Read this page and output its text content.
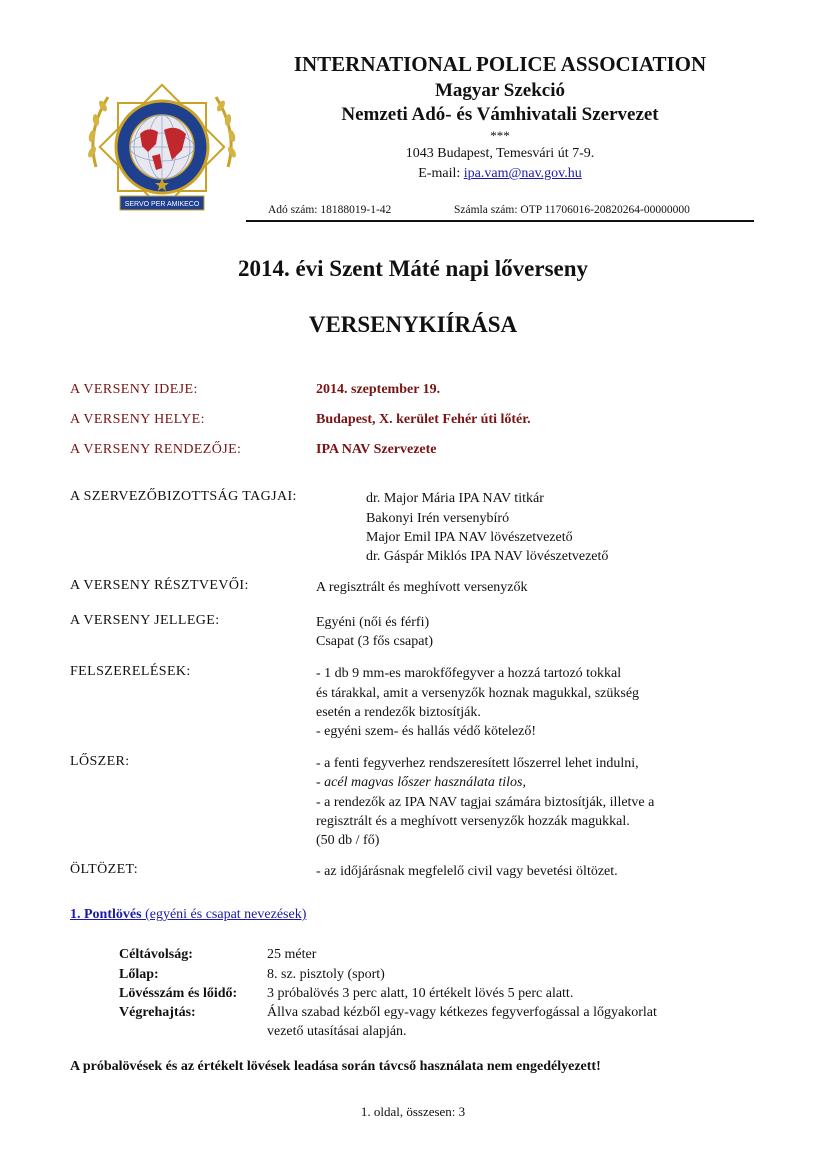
SERVO PER AMIKECO
INTERNATIONAL POLICE ASSOCIATION
Magyar Szekció
Nemzeti Adó- és Vámhivatali Szervezet
***
1043 Budapest, Temesvári út 7-9.
E-mail: ipa.vam@nav.gov.hu
Adó szám: 18188019-1-42	Számla szám: OTP 11706016-20820264-00000000
2014. évi Szent Máté napi lőverseny
VERSENYKIÍRÁSA
A VERSENY IDEJE:	2014. szeptember 19.
A VERSENY HELYE:	Budapest, X. kerület Fehér úti lőtér.
A VERSENY RENDEZŐJE:	IPA NAV Szervezete
A SZERVEZŐBIZOTTSÁG TAGJAI:	dr. Major Mária IPA NAV titkár
Bakonyi Irén versenybíró
Major Emil IPA NAV lövészetvezető
dr. Gáspár Miklós IPA NAV lövészetvezető
A VERSENY RÉSZTVEVŐI:	A regisztrált és meghívott versenyzők
A VERSENY JELLEGE:	Egyéni (női és férfi)
Csapat (3 fős csapat)
FELSZERELÉSEK:	- 1 db 9 mm-es marokfőfegyver a hozzá tartozó tokkal
és tárakkal, amit a versenyzők hoznak magukkal, szükség
esetén a rendezők biztosítják.
- egyéni szem- és hallás védő kötelező!
LŐSZER:	- a fenti fegyverhez rendszeresített lőszerrel lehet indulni,
- acél magvas lőszer használata tilos,
- a rendezők az IPA NAV tagjai számára biztosítják, illetve a
regisztrált és a meghívott versenyzők hozzák magukkal.
(50 db / fő)
ÖLTÖZET:	- az időjárásnak megfelelő civil vagy bevetési öltözet.
1. Pontlövés (egyéni és csapat nevezések)
Céltávolság:	25 méter
Lőlap:	8. sz. pisztoly (sport)
Lövésszám és lőidő: 3 próbalövés 3 perc alatt, 10 értékelt lövés 5 perc alatt.
Végrehajtás:	Állva szabad kézből egy-vagy kétkezes fegyverfogással a lőgyakorlat
vezető utasításai alapján.
A próbalövések és az értékelt lövések leadása során távcső használata nem engedélyezett!
1. oldal, összesen: 3
